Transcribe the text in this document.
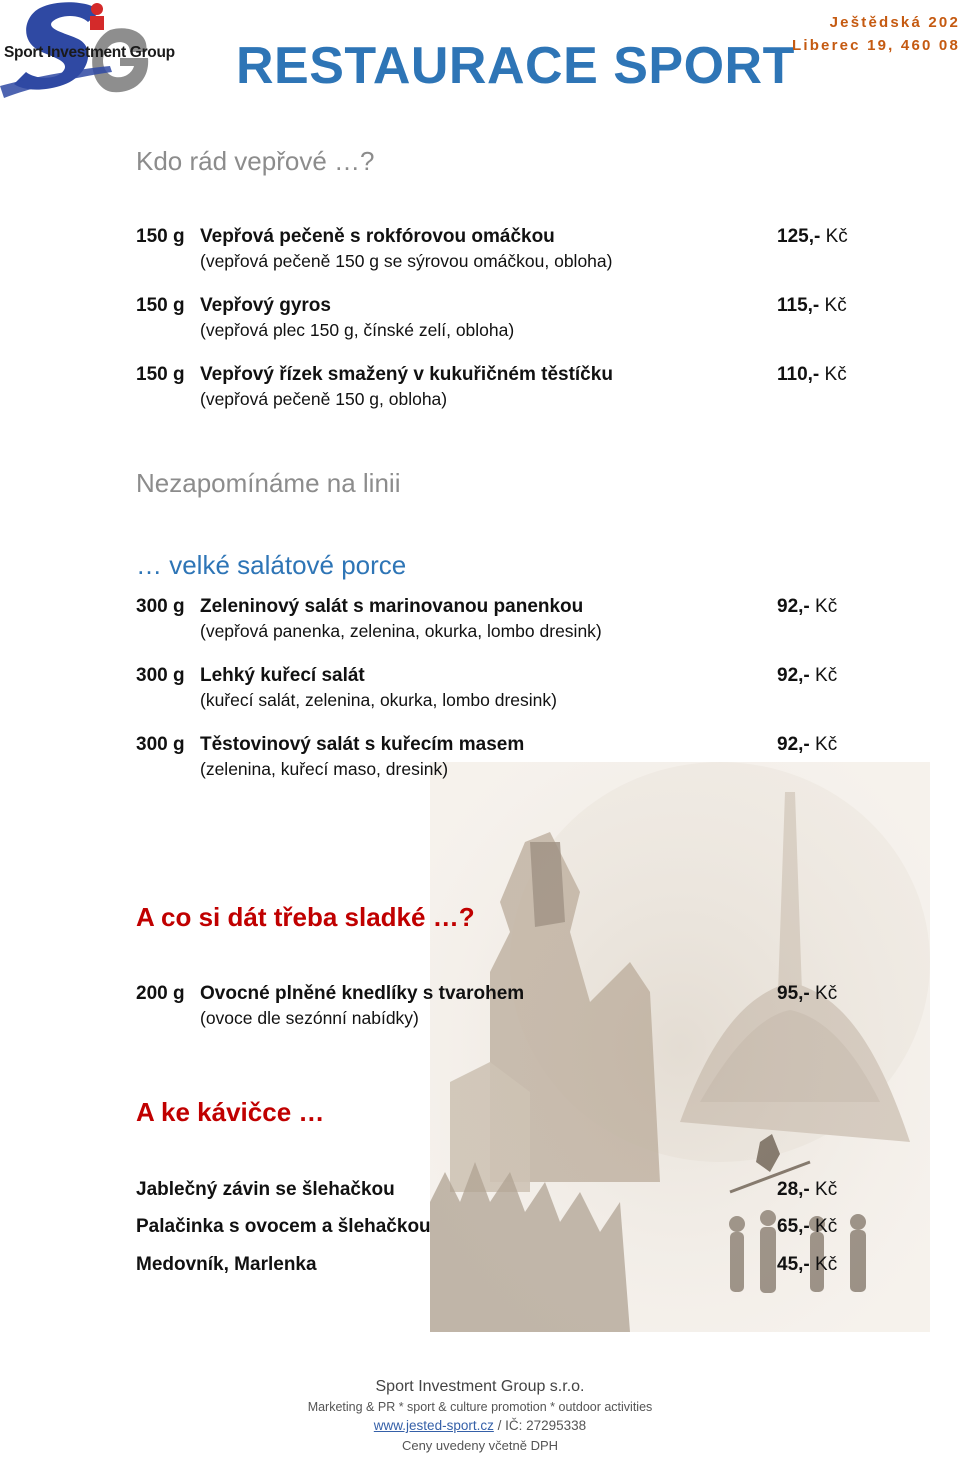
Sport Investment Group RESTAURACE SPORT
Ještědská 202
Liberec 19, 460 08
Kdo rád vepřové …?
150 g Vepřová pečeně s rokfórovou omáčkou
(vepřová pečeně 150 g se sýrovou omáčkou, obloha)
125,- Kč
150 g Vepřový gyros
(vepřová plec 150 g, čínské zelí, obloha)
115,- Kč
150 g Vepřový řízek smažený v kukuřičném těstíčku
(vepřová pečeně 150 g, obloha)
110,- Kč
Nezapomínáme na linii
… velké salátové porce
300 g Zeleninový salát s marinovanou panenkou
(vepřová panenka, zelenina, okurka, lombo dresink)
92,- Kč
300 g Lehký kuřecí salát
(kuřecí salát, zelenina, okurka, lombo dresink)
92,- Kč
300 g Těstovinový salát s kuřecím masem
(zelenina, kuřecí maso, dresink)
92,- Kč
A co si dát třeba sladké …?
200 g Ovocné plněné knedlíky s tvarohem
(ovoce dle sezónní nabídky)
95,- Kč
A ke kávičce …
Jablečný závin se šlehačkou	28,- Kč
Palačinka s ovocem a šlehačkou	65,- Kč
Medovník, Marlenka	45,- Kč
Sport Investment Group s.r.o.
Marketing & PR * sport & culture promotion * outdoor activities
www.jested-sport.cz / IČ: 27295338
Ceny uvedeny včetně DPH
